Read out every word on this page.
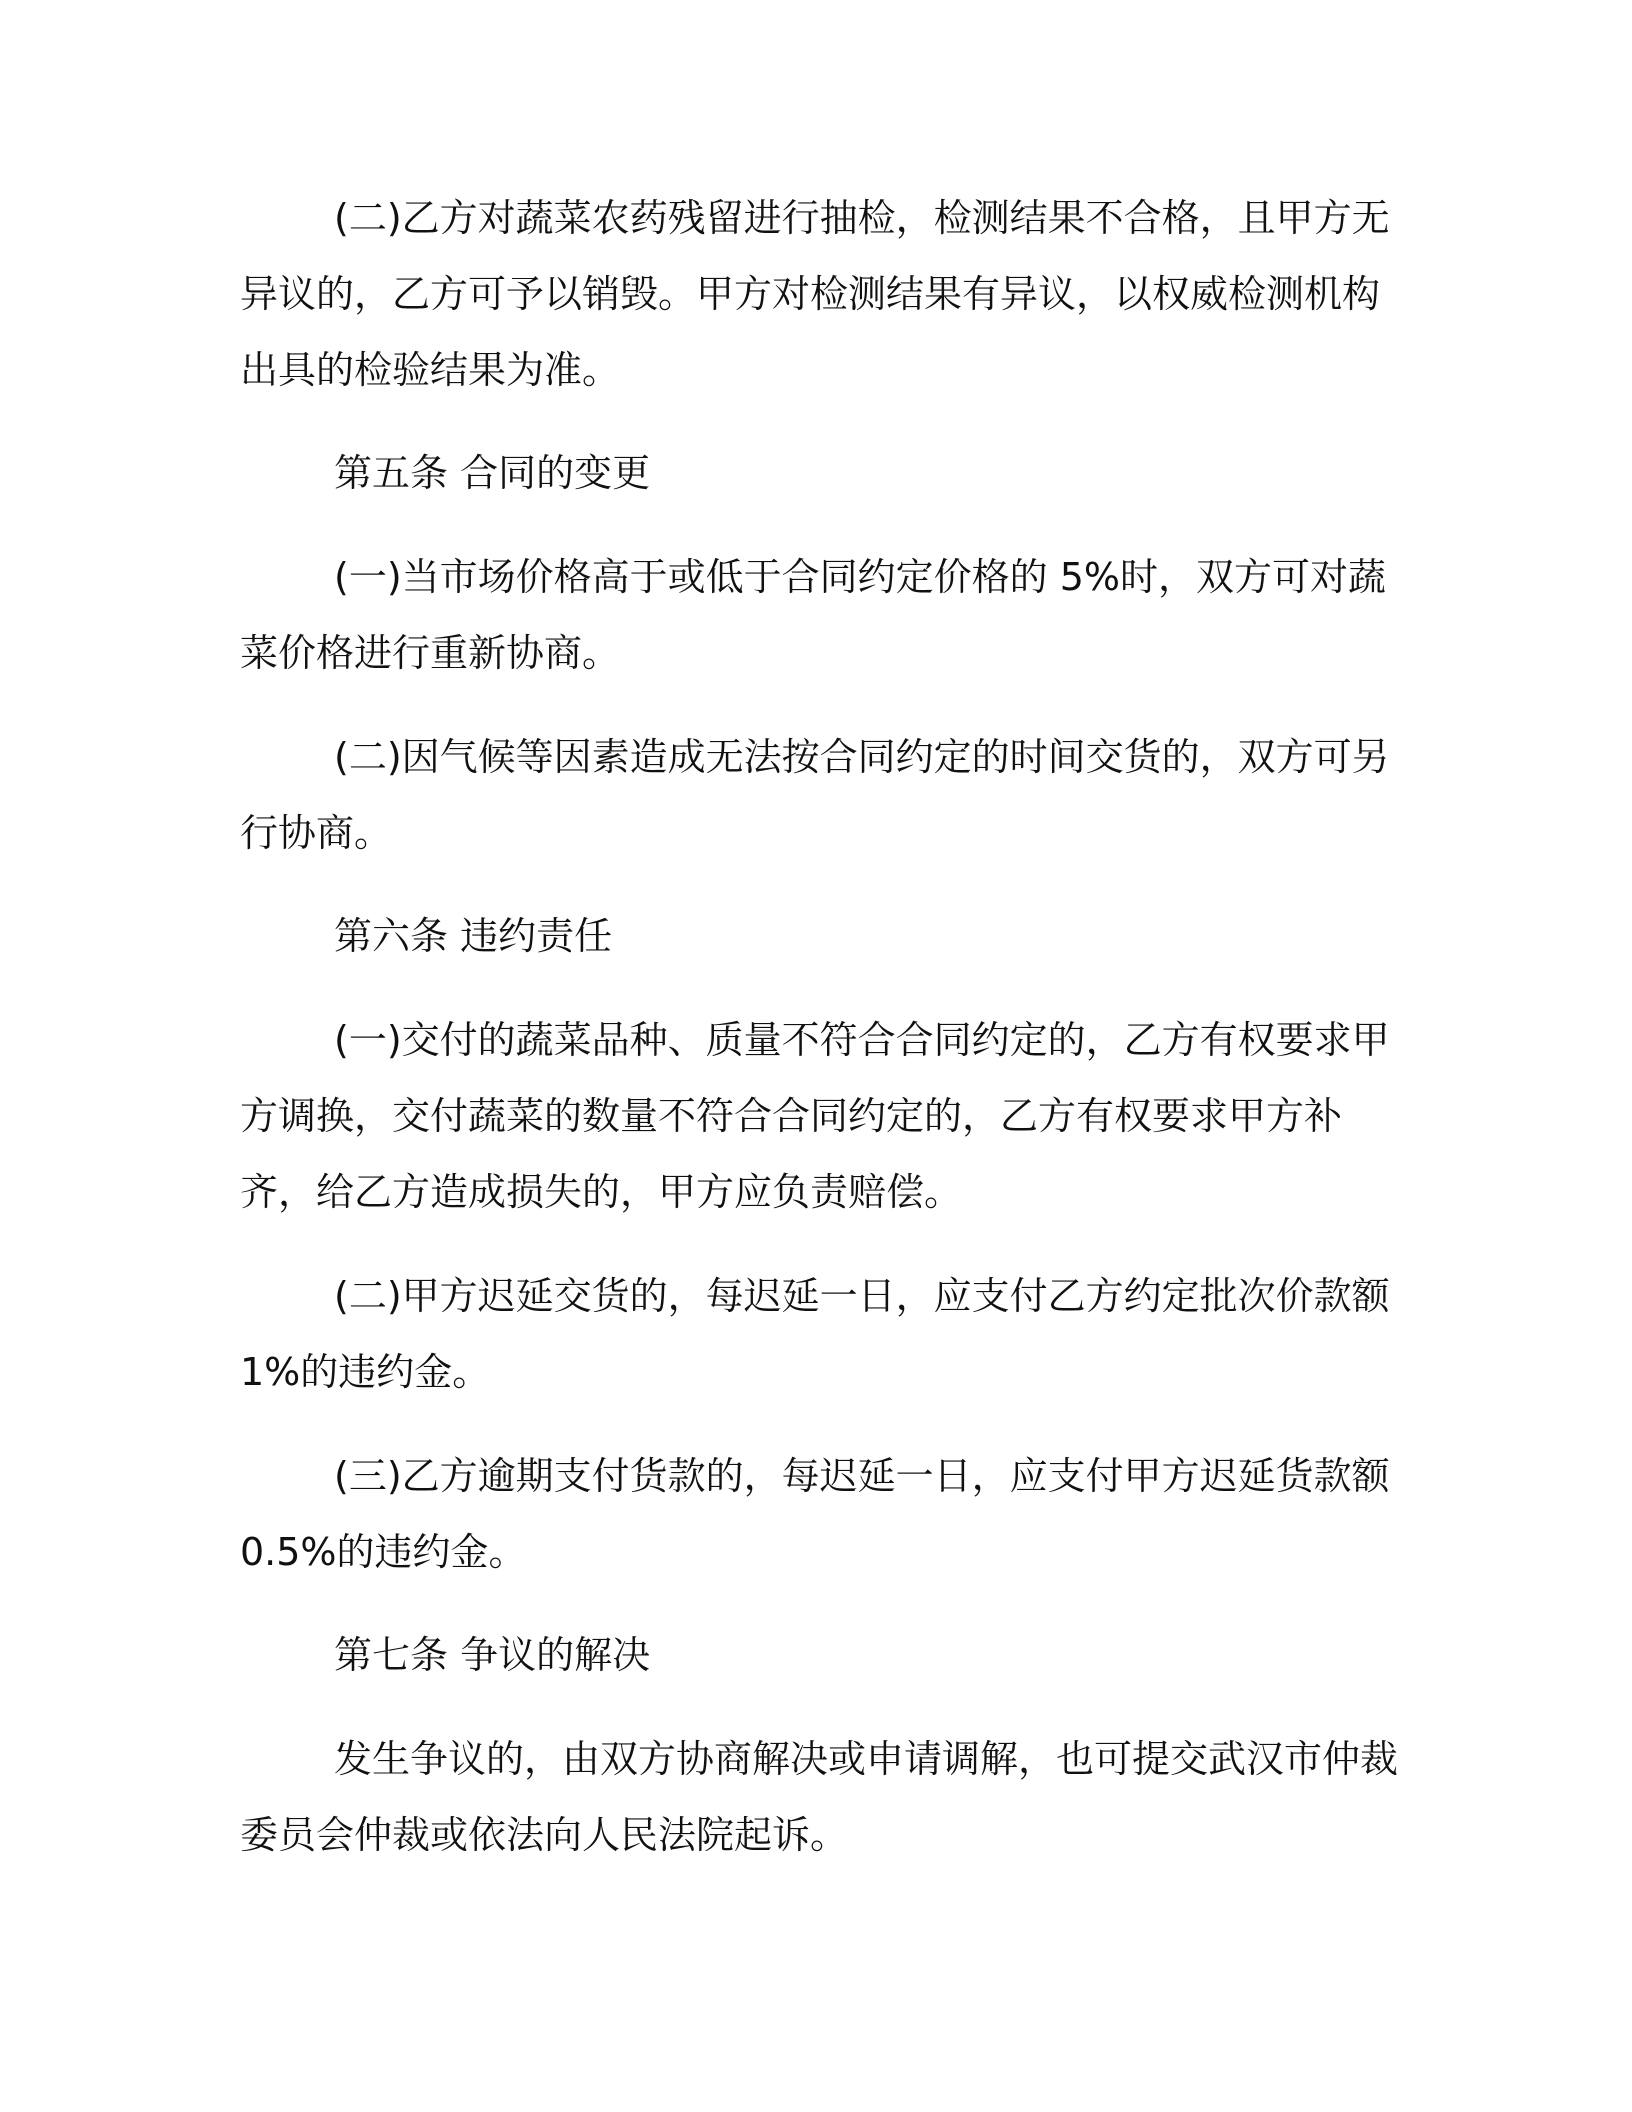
(二)乙方对蔬菜农药残留进行抽检，检测结果不合格，且甲方无

异议的，乙方可予以销毁。甲方对检测结果有异议，以权威检测机构

出具的检验结果为准。

第五条 合同的变更

(一)当市场价格高于或低于合同约定价格的 5%时，双方可对蔬

菜价格进行重新协商。

(二)因气候等因素造成无法按合同约定的时间交货的，双方可另

行协商。

第六条 违约责任

(一)交付的蔬菜品种、质量不符合合同约定的，乙方有权要求甲

方调换，交付蔬菜的数量不符合合同约定的，乙方有权要求甲方补

齐，给乙方造成损失的，甲方应负责赔偿。

(二)甲方迟延交货的，每迟延一日，应支付乙方约定批次价款额

1%的违约金。

(三)乙方逾期支付货款的，每迟延一日，应支付甲方迟延货款额

0.5%的违约金。

第七条 争议的解决

发生争议的，由双方协商解决或申请调解，也可提交武汉市仲裁

委员会仲裁或依法向人民法院起诉。
